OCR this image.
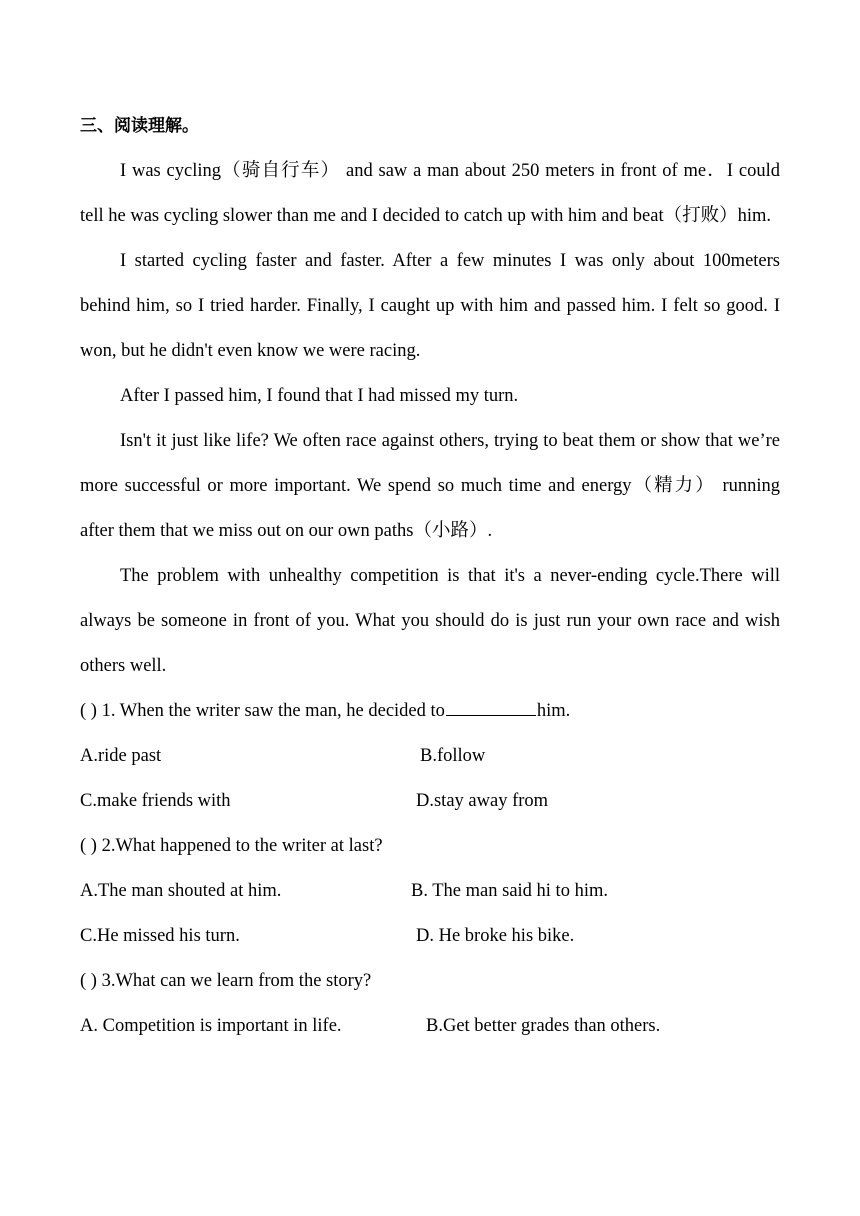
三、阅读理解。

I was cycling（骑自行车） and saw a man about 250 meters in front of me．I could tell he was cycling slower than me and I decided to catch up with him and beat（打败）him.

I started cycling faster and faster. After a few minutes I was only about 100meters behind him, so I tried harder. Finally, I caught up with him and passed him. I felt so good. I won, but he didn't even know we were racing.

After I passed him, I found that I had missed my turn.

Isn't it just like life? We often race against others, trying to beat them or show that we’re more successful or more important. We spend so much time and energy（精力） running after them that we miss out on our own paths（小路）.

The problem with unhealthy competition is that it's a never-ending cycle.There will always be someone in front of you. What you should do is just run your own race and wish others well.

( ) 1. When the writer saw the man, he decided to	him.
A.ride past	B.follow
C.make friends with	D.stay away from
( ) 2.What happened to the writer at last?
A.The man shouted at him.	B. The man said hi to him.
C.He missed his turn.	D. He broke his bike.
( ) 3.What can we learn from the story?
A. Competition is important in life.	B.Get better grades than others.
